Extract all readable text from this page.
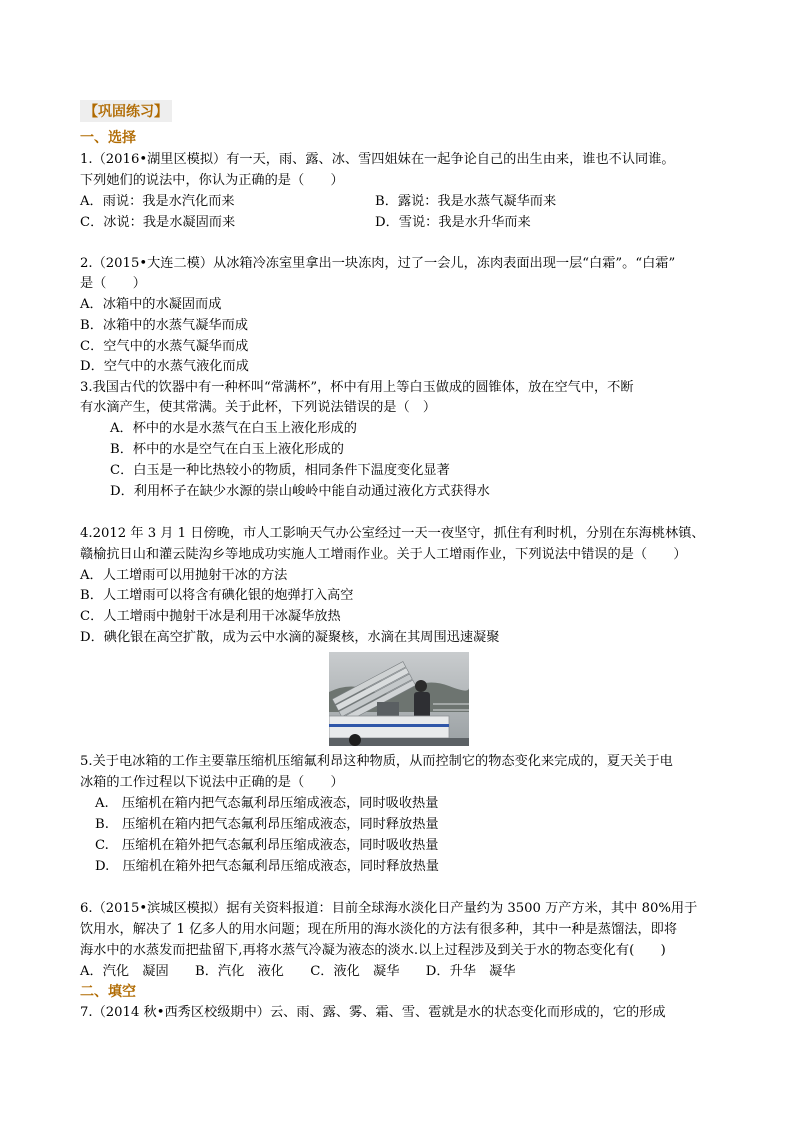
【巩固练习】
一、选择
1.（2016•湖里区模拟）有一天，雨、露、冰、雪四姐妹在一起争论自己的出生由来，谁也不认同谁。
下列她们的说法中，你认为正确的是（　　）
A．雨说：我是水汽化而来	B．露说：我是水蒸气凝华而来
C．冰说：我是水凝固而来	D．雪说：我是水升华而来
2.（2015•大连二模）从冰箱冷冻室里拿出一块冻肉，过了一会儿，冻肉表面出现一层“白霜”。“白霜”
是（　　）
A．冰箱中的水凝固而成
B．冰箱中的水蒸气凝华而成
C．空气中的水蒸气凝华而成
D．空气中的水蒸气液化而成
3.我国古代的饮器中有一种杯叫“常满杯”，杯中有用上等白玉做成的圆锥体，放在空气中，不断
有水滴产生，使其常满。关于此杯，下列说法错误的是（　）
A．杯中的水是水蒸气在白玉上液化形成的
B．杯中的水是空气在白玉上液化形成的
C．白玉是一种比热较小的物质，相同条件下温度变化显著
D．利用杯子在缺少水源的崇山峻岭中能自动通过液化方式获得水
4.2012 年 3 月 1 日傍晚，市人工影响天气办公室经过一天一夜坚守，抓住有利时机，分别在东海桃林镇、
赣榆抗日山和灌云陡沟乡等地成功实施人工增雨作业。关于人工增雨作业，下列说法中错误的是（　　）
A．人工增雨可以用抛射干冰的方法
B．人工增雨可以将含有碘化银的炮弹打入高空
C．人工增雨中抛射干冰是利用干冰凝华放热
D．碘化银在高空扩散，成为云中水滴的凝聚核，水滴在其周围迅速凝聚
5.关于电冰箱的工作主要靠压缩机压缩氟利昂这种物质，从而控制它的物态变化来完成的，夏天关于电
冰箱的工作过程以下说法中正确的是（　　）
A.　压缩机在箱内把气态氟利昂压缩成液态，同时吸收热量
B.　压缩机在箱内把气态氟利昂压缩成液态，同时释放热量
C.　压缩机在箱外把气态氟利昂压缩成液态，同时吸收热量
D.　压缩机在箱外把气态氟利昂压缩成液态，同时释放热量
6.（2015•滨城区模拟）据有关资料报道：目前全球海水淡化日产量约为 3500 万产方米，其中 80%用于
饮用水，解决了 1 亿多人的用水问题；现在所用的海水淡化的方法有很多种，其中一种是蒸馏法，即将
海水中的水蒸发而把盐留下,再将水蒸气冷凝为液态的淡水.以上过程涉及到关于水的物态变化有(　　)
A．汽化　凝固　　B．汽化　液化　　C．液化　凝华　　D．升华　凝华
二、填空
7.（2014 秋•西秀区校级期中）云、雨、露、雾、霜、雪、雹就是水的状态变化而形成的，它的形成
